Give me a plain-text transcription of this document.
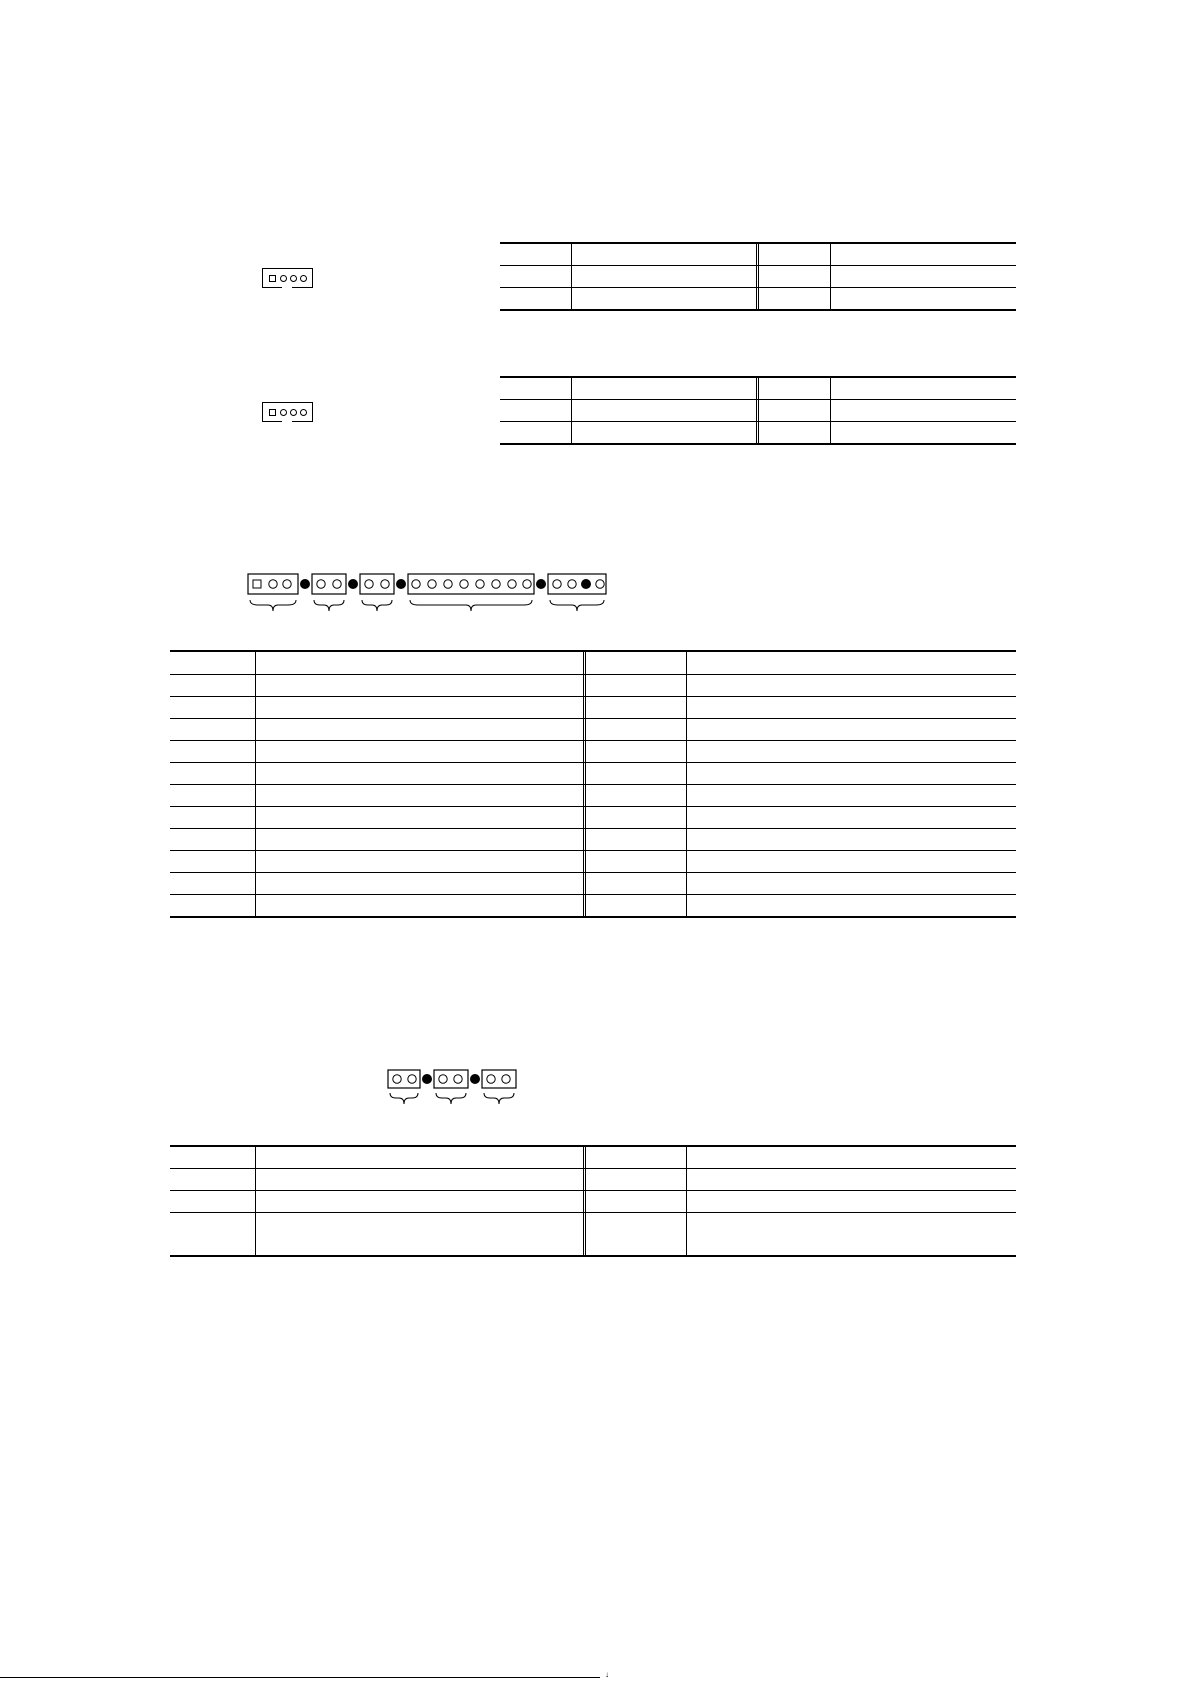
↓
